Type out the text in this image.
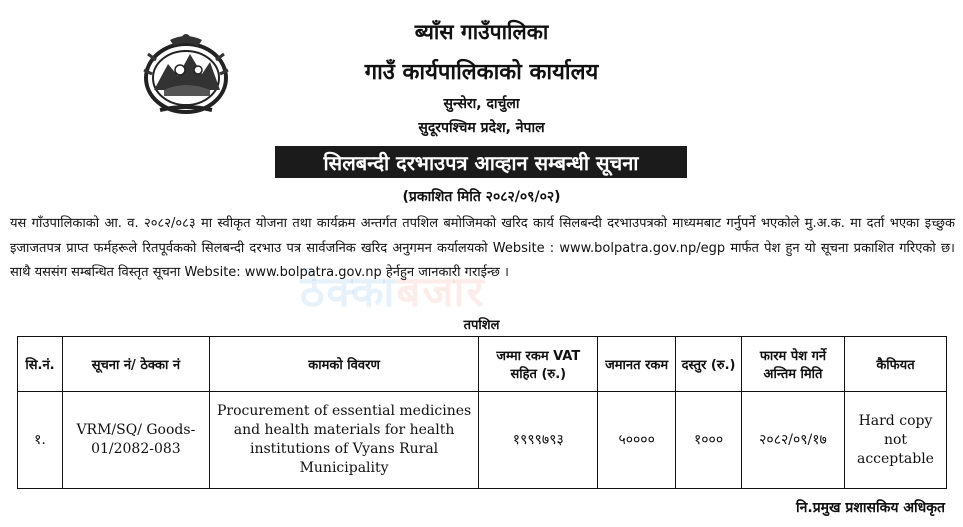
ब्याँस गाउँपालिका
गाउँ कार्यपालिकाको कार्यालय
सुन्सेरा, दार्चुला
सुदूरपश्चिम प्रदेश, नेपाल
सिलबन्दी दरभाउपत्र आव्हान सम्बन्धी सूचना
(प्रकाशित मिति २०८२/०९/०२)
ठेक्काबजार
यस गाँउपालिकाको आ. व. २०८२/०८३ मा स्वीकृत योजना तथा कार्यक्रम अन्तर्गत तपशिल बमोजिमको खरिद कार्य सिलबन्दी दरभाउपत्रको माध्यमबाट गर्नुपर्ने भएकोले मु.अ.क. मा दर्ता भएका इच्छुक इजाजतपत्र प्राप्त फर्महरूले रितपूर्वकको सिलबन्दी दरभाउ पत्र सार्वजनिक खरिद अनुगमन कर्यालयको Website : www.bolpatra.gov.np/egp मार्फत पेश हुन यो सूचना प्रकाशित गरिएको छ। साथै यससंग सम्बन्धित विस्तृत सूचना Website: www.bolpatra.gov.np हेर्नहुन जानकारी गराईन्छ ।
तपशिल
सि.नं.	सूचना नं/ ठेक्का नं	कामको विवरण	जम्मा रकम VAT सहित (रु.)	जमानत रकम	दस्तुर (रु.)	फारम पेश गर्ने अन्तिम मिति	कैफियत
१.	VRM/SQ/ Goods-01/2082-083	Procurement of essential medicines and health materials for health institutions of Vyans Rural Municipality	१९९९७९३	५००००	१०००	२०८२/०९/१७	Hard copy not acceptable
नि.प्रमुख प्रशासकिय अधिकृत
